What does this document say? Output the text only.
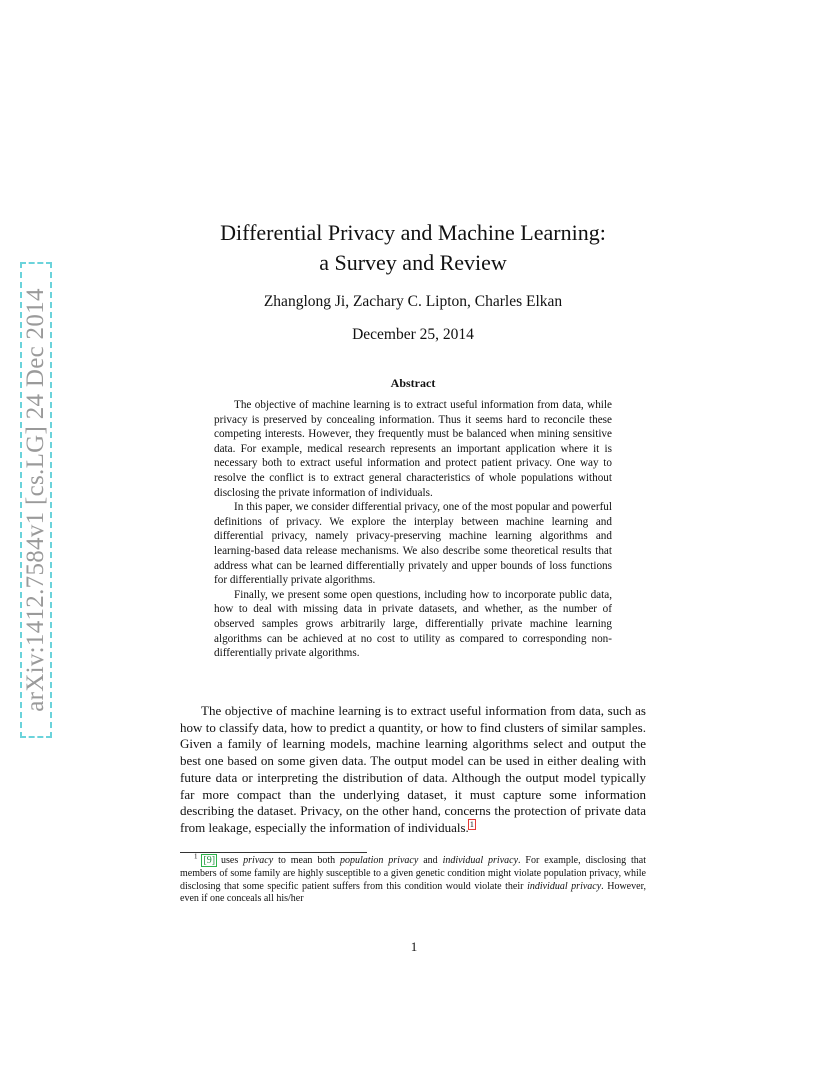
arXiv:1412.7584v1 [cs.LG] 24 Dec 2014
Differential Privacy and Machine Learning:
a Survey and Review
Zhanglong Ji, Zachary C. Lipton, Charles Elkan
December 25, 2014
Abstract

The objective of machine learning is to extract useful information from data, while privacy is preserved by concealing information. Thus it seems hard to reconcile these competing interests. However, they frequently must be balanced when mining sensitive data. For example, medical research represents an important application where it is necessary both to extract useful information and protect patient privacy. One way to resolve the conflict is to extract general characteristics of whole populations without disclosing the private information of individuals.

In this paper, we consider differential privacy, one of the most popular and powerful definitions of privacy. We explore the interplay between machine learning and differential privacy, namely privacy-preserving machine learning algorithms and learning-based data release mechanisms. We also describe some theoretical results that address what can be learned differentially privately and upper bounds of loss functions for differentially private algorithms.

Finally, we present some open questions, including how to incorporate public data, how to deal with missing data in private datasets, and whether, as the number of observed samples grows arbitrarily large, differentially private machine learning algorithms can be achieved at no cost to utility as compared to corresponding non-differentially private algorithms.

The objective of machine learning is to extract useful information from data, such as how to classify data, how to predict a quantity, or how to find clusters of similar samples. Given a family of learning models, machine learning algorithms select and output the best one based on some given data. The output model can be used in either dealing with future data or interpreting the distribution of data. Although the output model typically far more compact than the underlying dataset, it must capture some information describing the dataset. Privacy, on the other hand, concerns the protection of private data from leakage, especially the information of individuals.$^1$

$^1$ [9] uses privacy to mean both population privacy and individual privacy. For example, disclosing that members of some family are highly susceptible to a given genetic condition might violate population privacy, while disclosing that some specific patient suffers from this condition would violate their individual privacy. However, even if one conceals all his/her

1
